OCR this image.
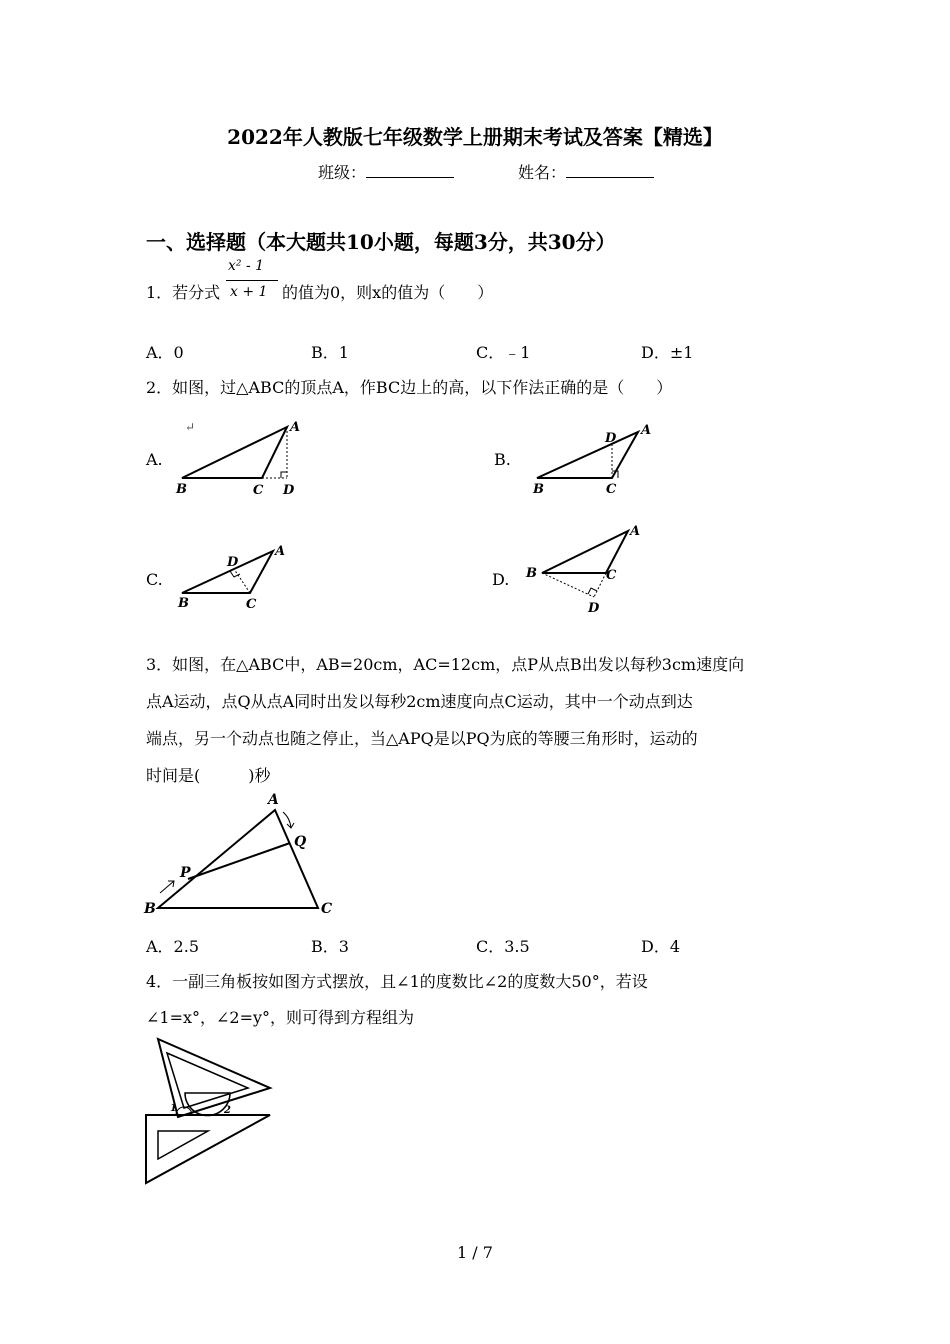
2022年人教版七年级数学上册期末考试及答案【精选】
班级：	姓名：
一、选择题（本大题共10小题，每题3分，共30分）
1．若分式
x² - 1
x + 1 的值为0，则x的值为（　　）
A．0	B．1	C．﹣1	D．±1
2．如图，过△ABC的顶点A，作BC边上的高，以下作法正确的是（　　）
↵
A.	B.
C.	D.
A
B	C D
A
D
B	C
A
D
B	C
A
B	C
D
3．如图，在△ABC中，AB=20cm，AC=12cm，点P从点B出发以每秒3cm速度向
点A运动，点Q从点A同时出发以每秒2cm速度向点C运动，其中一个动点到达
端点，另一个动点也随之停止，当△APQ是以PQ为底的等腰三角形时，运动的
时间是(　　　)秒
A
B	C
P
Q
A．2.5	B．3	C．3.5	D．4
4．一副三角板按如图方式摆放，且∠1的度数比∠2的度数大50°，若设
∠1=x°，∠2=y°，则可得到方程组为
1	2
1 / 7
